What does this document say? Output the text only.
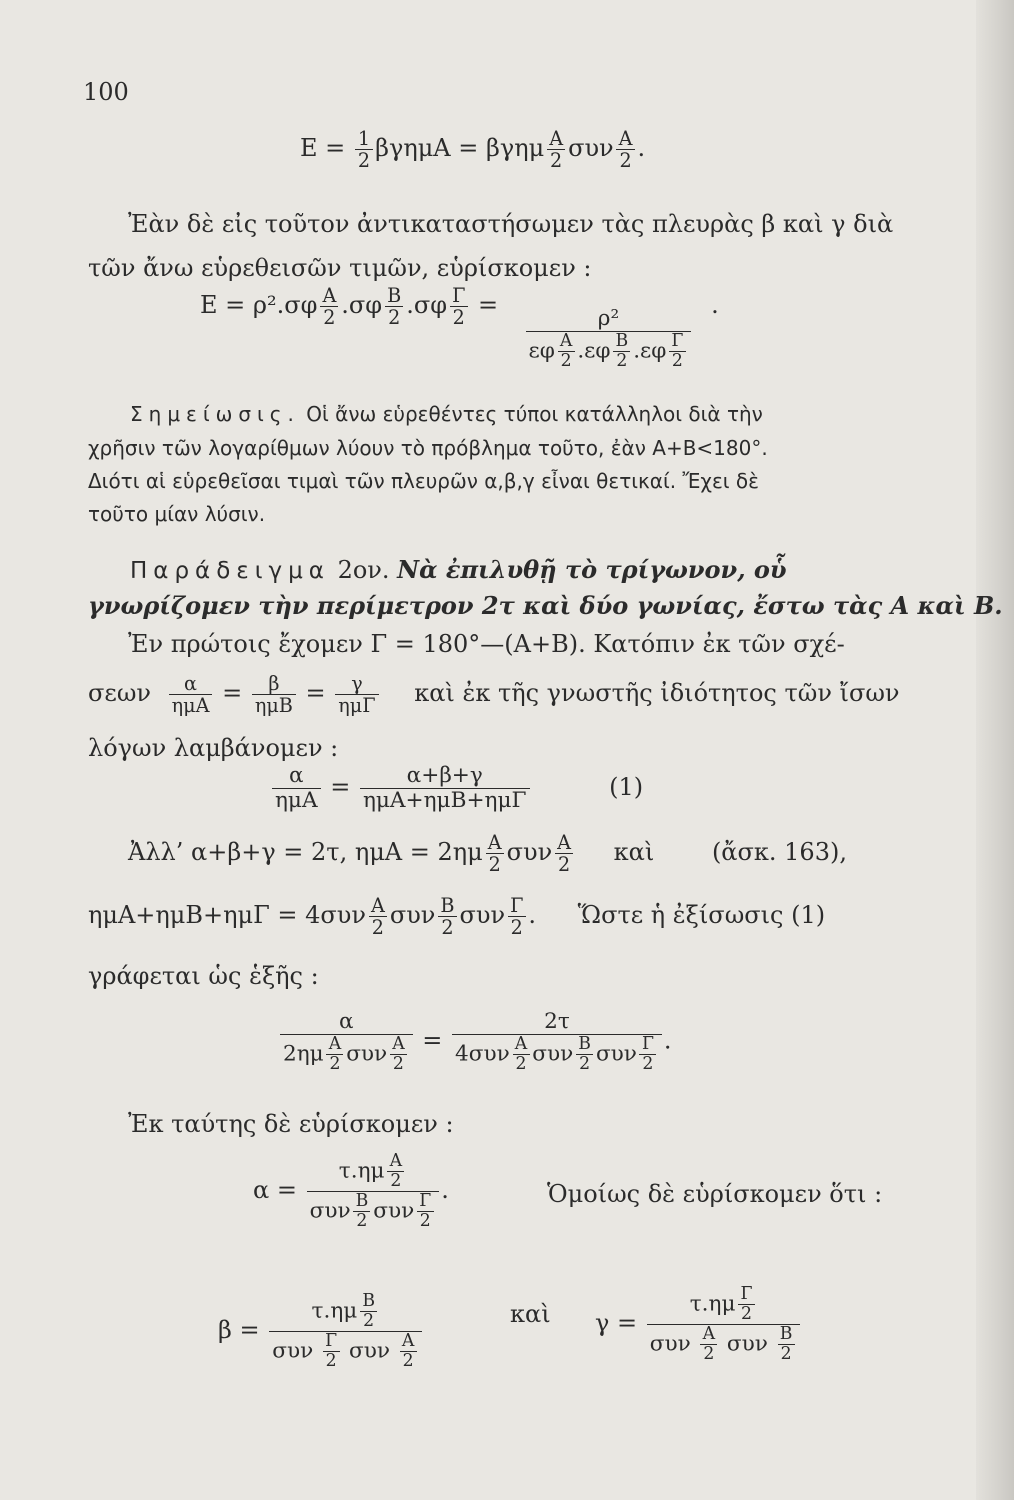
100
$E = \frac{1}{2}$ βγημA = βγημ $\frac{A}{2}$ συν $\frac{A}{2}$ .
Ἐὰν δὲ εἰς τοῦτον ἀντικαταστήσωμεν τὰς πλευρὰς β καὶ γ διὰ
τῶν ἄνω εὑρεθεισῶν τιμῶν, εὑρίσκομεν :
$E = \rho^2.\sigma\varphi \frac{A}{2} .\sigma\varphi \frac{B}{2} .\sigma\varphi \frac{\Gamma}{2}$ =
$\frac{\text{ρ²}}{\varepsilon\varphi \frac{A}{2} .\varepsilon\varphi \frac{B}{2} .\varepsilon\varphi \frac{\Gamma}{2}}$
.
Σημείωσις. Οἱ ἄνω εὑρεθέντες τύποι κατάλληλοι διὰ τὴν
χρῆσιν τῶν λογαρίθμων λύουν τὸ πρόβλημα τοῦτο, ἐὰν A+B<180°.
Διότι αἱ εὑρεθεῖσαι τιμαὶ τῶν πλευρῶν α,β,γ εἶναι θετικαί. Ἔχει δὲ
τοῦτο μίαν λύσιν.
Παράδειγμα 2ον. Νὰ ἐπιλυθῇ τὸ τρίγωνον, οὗ
γνωρίζομεν τὴν περίμετρον 2τ καὶ δύο γωνίας, ἔστω τὰς A καὶ B.
Ἐν πρώτοις ἔχομεν Γ = 180°—(A+B). Κατόπιν ἐκ τῶν σχέ-
σεων $\frac{\alpha}{\text{ημA}} = \frac{\beta}{\text{ημB}} = \frac{\gamma}{\text{ημΓ}}$ καὶ ἐκ τῆς γνωστῆς ἰδιότητος τῶν ἴσων
λόγων λαμβάνομεν :
$\frac{\alpha}{\text{ημA}} = \frac{\alpha+\beta+\gamma}{\text{ημA+ημB+ημΓ}}$	(1)
Ἀλλ’ α+β+γ = 2τ, $\eta\mu A = 2\eta\mu \frac{A}{2}$ συν $\frac{A}{2}$ καὶ (ἄσκ. 163),
$\eta\mu A+\eta\mu B+\eta\mu\Gamma = 4\sigma\upsilon\nu \frac{A}{2}$ συν $\frac{B}{2}$ συν $\frac{\Gamma}{2}$ . Ὥστε ἡ ἐξίσωσις (1)
γράφεται ὡς ἑξῆς :
$\frac{\alpha}{2\eta\mu \frac{A}{2} \sigma\upsilon\nu \frac{A}{2}} = \frac{2\tau}{4\sigma\upsilon\nu \frac{A}{2} \sigma\upsilon\nu \frac{B}{2} \sigma\upsilon\nu \frac{\Gamma}{2}}$ .
Ἐκ ταύτης δὲ εὑρίσκομεν :
$\alpha = \frac{\tau.\eta\mu \frac{A}{2}}{\sigma\upsilon\nu \frac{B}{2} \sigma\upsilon\nu \frac{\Gamma}{2}}$ .	Ὁμοίως δὲ εὑρίσκομεν ὅτι :
$\beta = \frac{\tau.\eta\mu \frac{B}{2}}{\sigma\upsilon\nu \frac{\Gamma}{2} \sigma\upsilon\nu \frac{A}{2}}$	καὶ $\gamma = \frac{\tau.\eta\mu \frac{\Gamma}{2}}{\sigma\upsilon\nu \frac{A}{2} \sigma\upsilon\nu \frac{B}{2}}$
